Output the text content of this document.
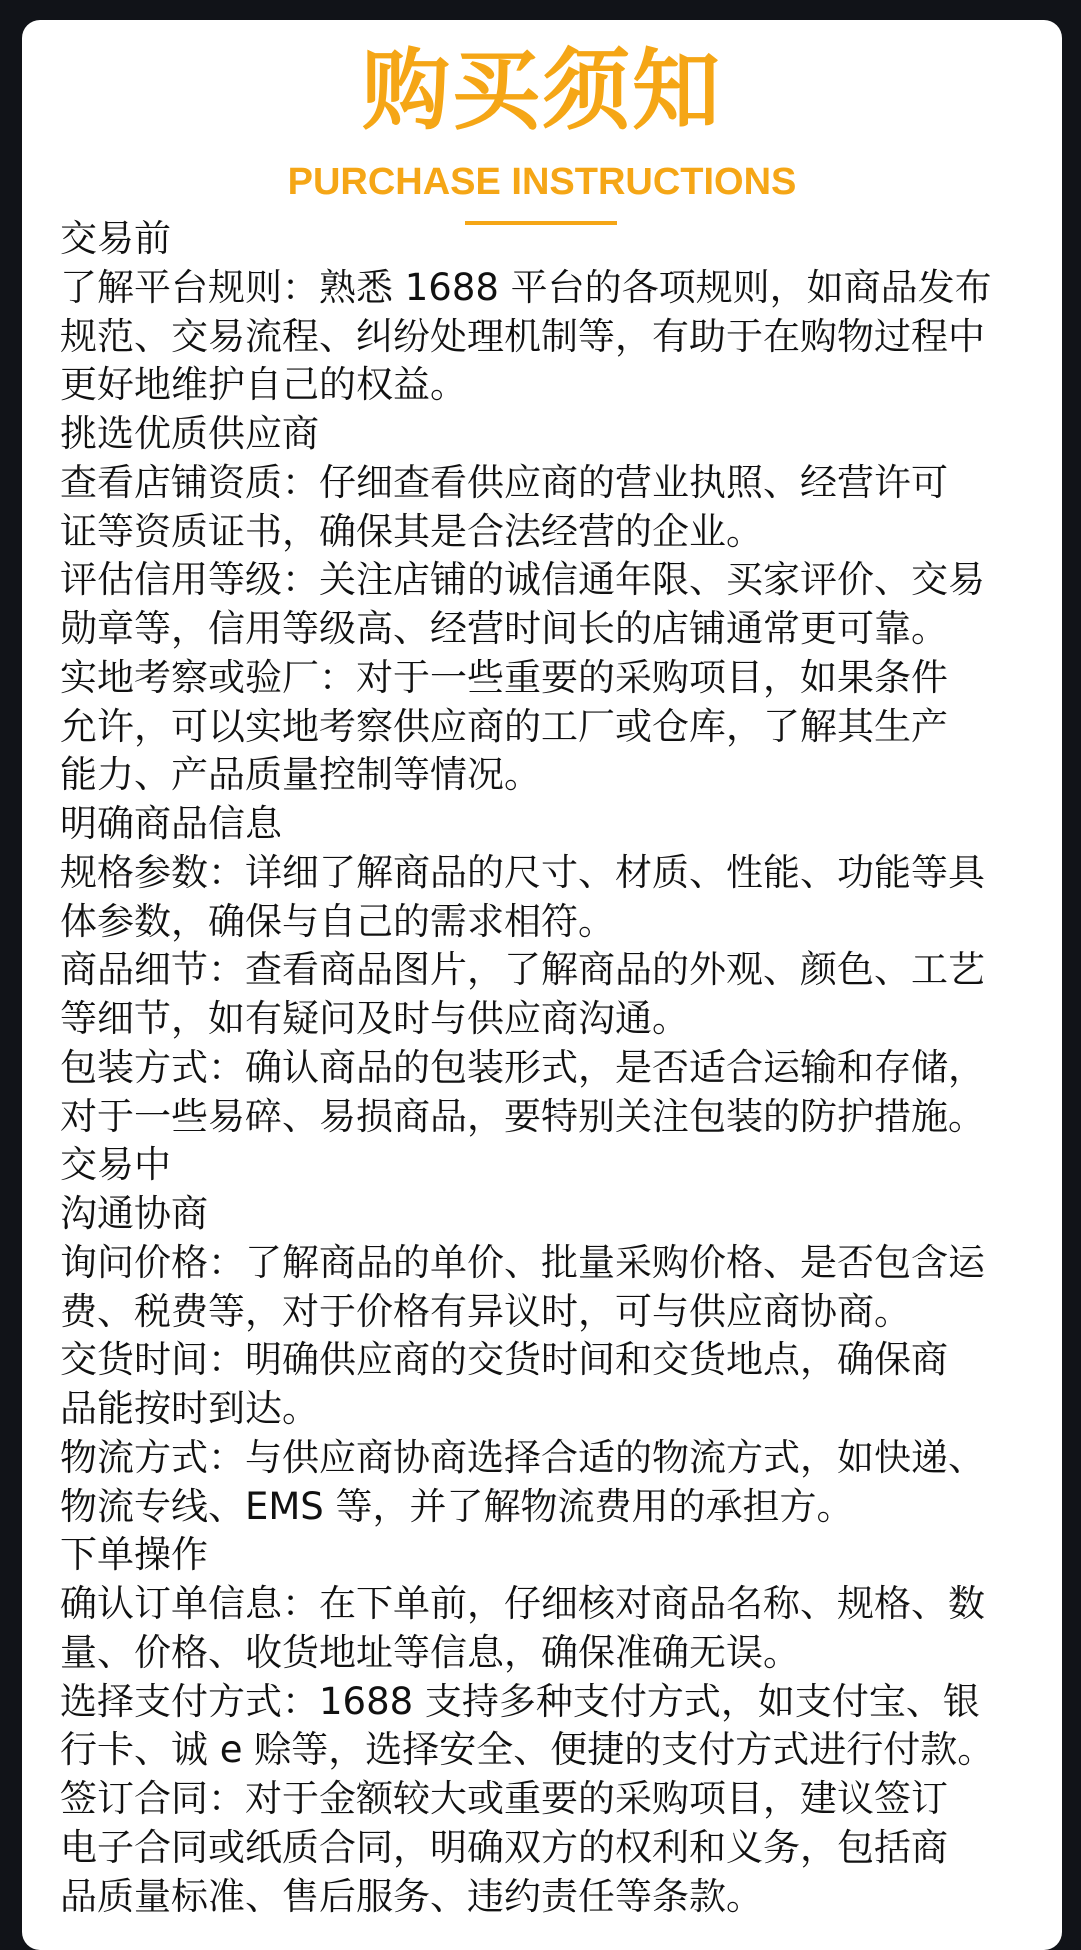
购买须知
PURCHASE INSTRUCTIONS
交易前
了解平台规则：熟悉 1688 平台的各项规则，如商品发布
规范、交易流程、纠纷处理机制等，有助于在购物过程中
更好地维护自己的权益。
挑选优质供应商
查看店铺资质：仔细查看供应商的营业执照、经营许可
证等资质证书，确保其是合法经营的企业。
评估信用等级：关注店铺的诚信通年限、买家评价、交易
勋章等，信用等级高、经营时间长的店铺通常更可靠。
实地考察或验厂：对于一些重要的采购项目，如果条件
允许，可以实地考察供应商的工厂或仓库，了解其生产
能力、产品质量控制等情况。
明确商品信息
规格参数：详细了解商品的尺寸、材质、性能、功能等具
体参数，确保与自己的需求相符。
商品细节：查看商品图片，了解商品的外观、颜色、工艺
等细节，如有疑问及时与供应商沟通。
包装方式：确认商品的包装形式，是否适合运输和存储，
对于一些易碎、易损商品，要特别关注包装的防护措施。
交易中
沟通协商
询问价格：了解商品的单价、批量采购价格、是否包含运
费、税费等，对于价格有异议时，可与供应商协商。
交货时间：明确供应商的交货时间和交货地点，确保商
品能按时到达。
物流方式：与供应商协商选择合适的物流方式，如快递、
物流专线、EMS 等，并了解物流费用的承担方。
下单操作
确认订单信息：在下单前，仔细核对商品名称、规格、数
量、价格、收货地址等信息，确保准确无误。
选择支付方式：1688 支持多种支付方式，如支付宝、银
行卡、诚 e 赊等，选择安全、便捷的支付方式进行付款。
签订合同：对于金额较大或重要的采购项目，建议签订
电子合同或纸质合同，明确双方的权利和义务，包括商
品质量标准、售后服务、违约责任等条款。
